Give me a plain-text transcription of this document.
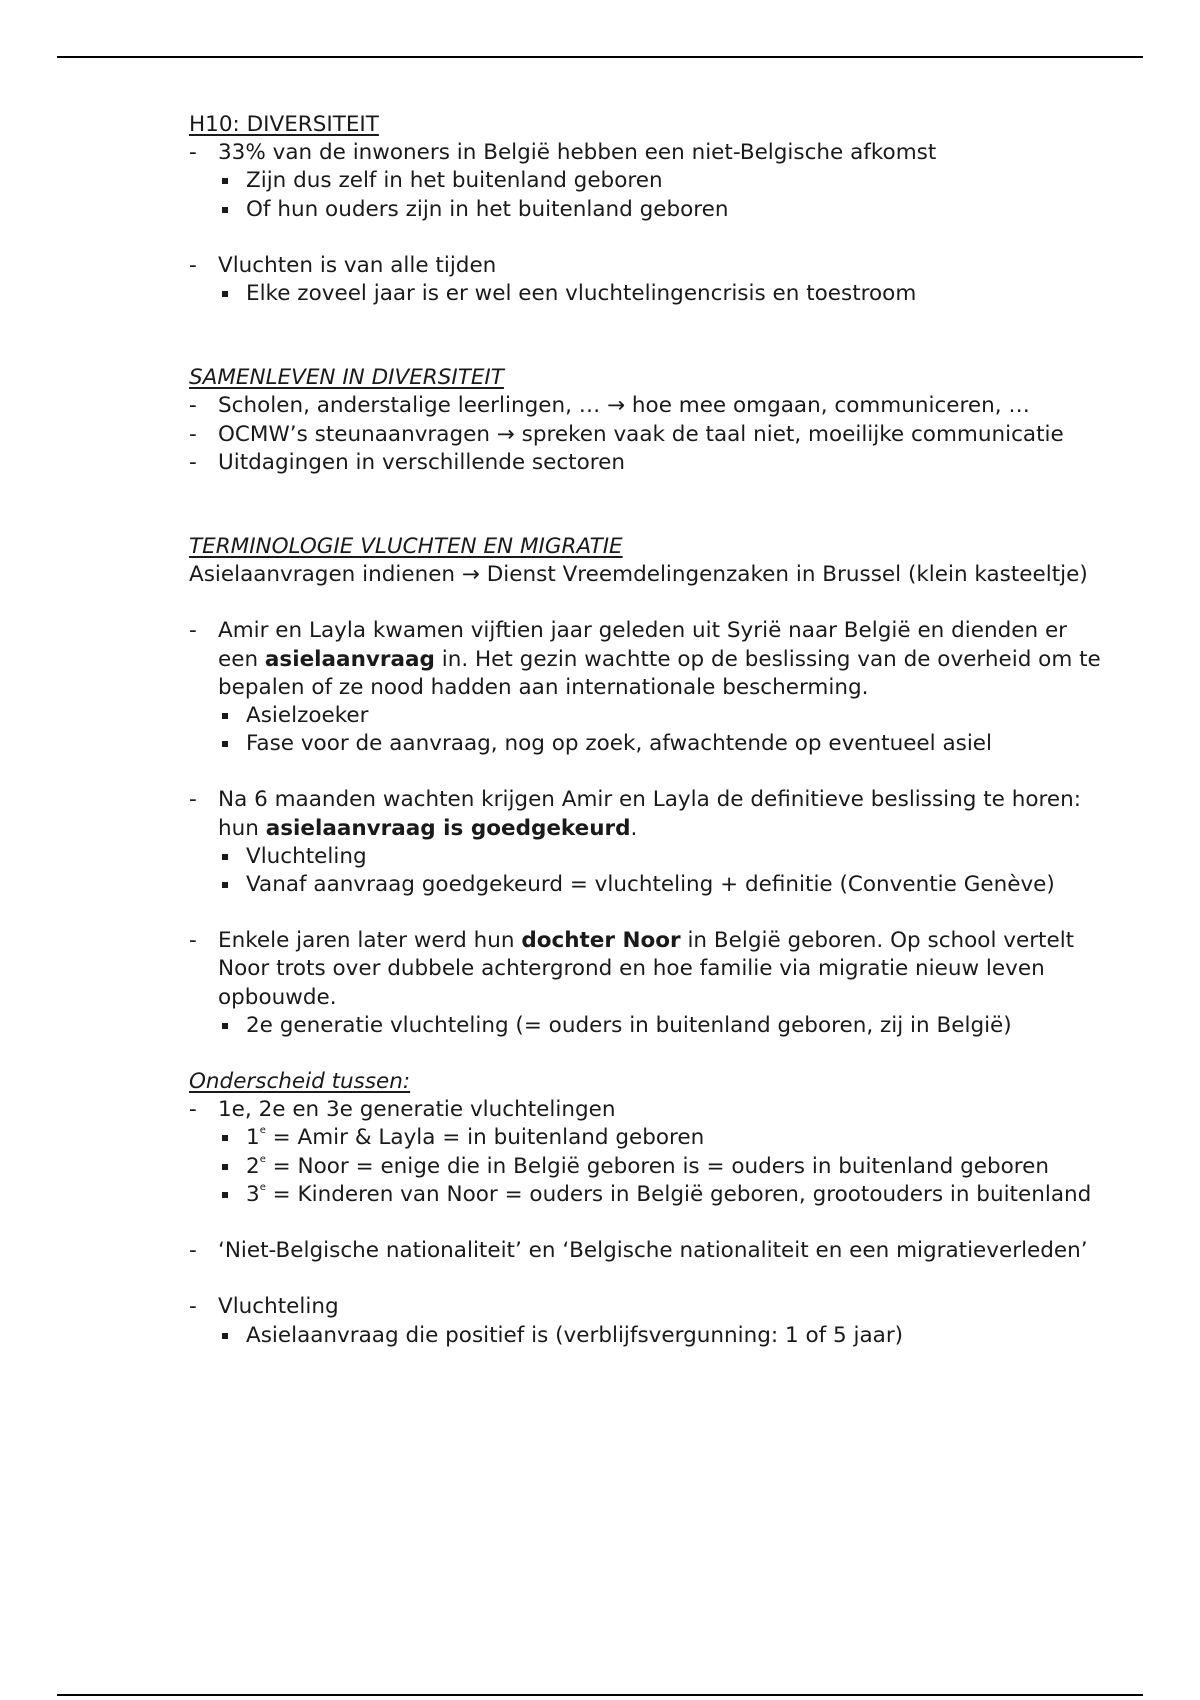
H10: DIVERSITEIT
- 33% van de inwoners in België hebben een niet-Belgische afkomst
Zijn dus zelf in het buitenland geboren
Of hun ouders zijn in het buitenland geboren
- Vluchten is van alle tijden
Elke zoveel jaar is er wel een vluchtelingencrisis en toestroom
SAMENLEVEN IN DIVERSITEIT
- Scholen, anderstalige leerlingen, … → hoe mee omgaan, communiceren, …
- OCMW’s steunaanvragen → spreken vaak de taal niet, moeilijke communicatie
- Uitdagingen in verschillende sectoren
TERMINOLOGIE VLUCHTEN EN MIGRATIE
Asielaanvragen indienen → Dienst Vreemdelingenzaken in Brussel (klein kasteeltje)
- Amir en Layla kwamen vijftien jaar geleden uit Syrië naar België en dienden er een asielaanvraag in. Het gezin wachtte op de beslissing van de overheid om te bepalen of ze nood hadden aan internationale bescherming.
Asielzoeker
Fase voor de aanvraag, nog op zoek, afwachtende op eventueel asiel
- Na 6 maanden wachten krijgen Amir en Layla de definitieve beslissing te horen: hun asielaanvraag is goedgekeurd.
Vluchteling
Vanaf aanvraag goedgekeurd = vluchteling + definitie (Conventie Genève)
- Enkele jaren later werd hun dochter Noor in België geboren. Op school vertelt Noor trots over dubbele achtergrond en hoe familie via migratie nieuw leven opbouwde.
2e generatie vluchteling (= ouders in buitenland geboren, zij in België)
Onderscheid tussen:
- 1e, 2e en 3e generatie vluchtelingen
$1^e$ = Amir & Layla = in buitenland geboren
$2^e$ = Noor = enige die in België geboren is = ouders in buitenland geboren
$3^e$ = Kinderen van Noor = ouders in België geboren, grootouders in buitenland
- ‘Niet-Belgische nationaliteit’ en ‘Belgische nationaliteit en een migratieverleden’
- Vluchteling
Asielaanvraag die positief is (verblijfsvergunning: 1 of 5 jaar)
